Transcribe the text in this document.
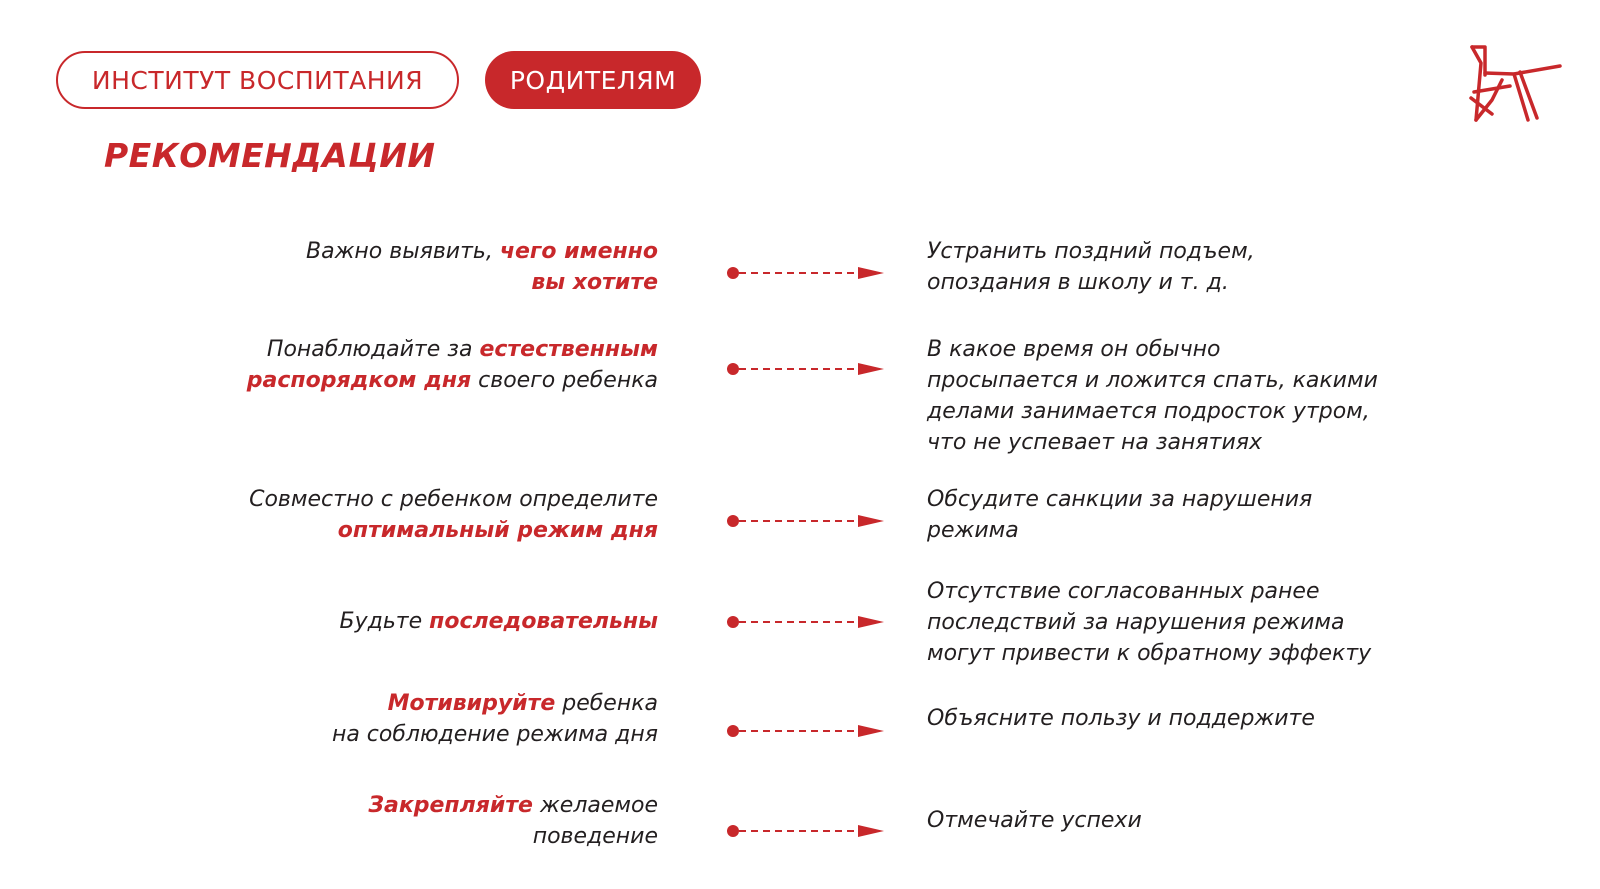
ИНСТИТУТ ВОСПИТАНИЯ	РОДИТЕЛЯМ
РЕКОМЕНДАЦИИ
Важно выявить, чего именно
вы хотите
Устранить поздний подъем,
опоздания в школу и т. д.
Понаблюдайте за естественным
распорядком дня своего ребенка
В какое время он обычно
просыпается и ложится спать, какими
делами занимается подросток утром,
что не успевает на занятиях
Совместно с ребенком определите
оптимальный режим дня
Обсудите санкции за нарушения
режима
Будьте последовательны
Отсутствие согласованных ранее
последствий за нарушения режима
могут привести к обратному эффекту
Мотивируйте ребенка
на соблюдение режима дня
Объясните пользу и поддержите
Закрепляйте желаемое
поведение
Отмечайте успехи
